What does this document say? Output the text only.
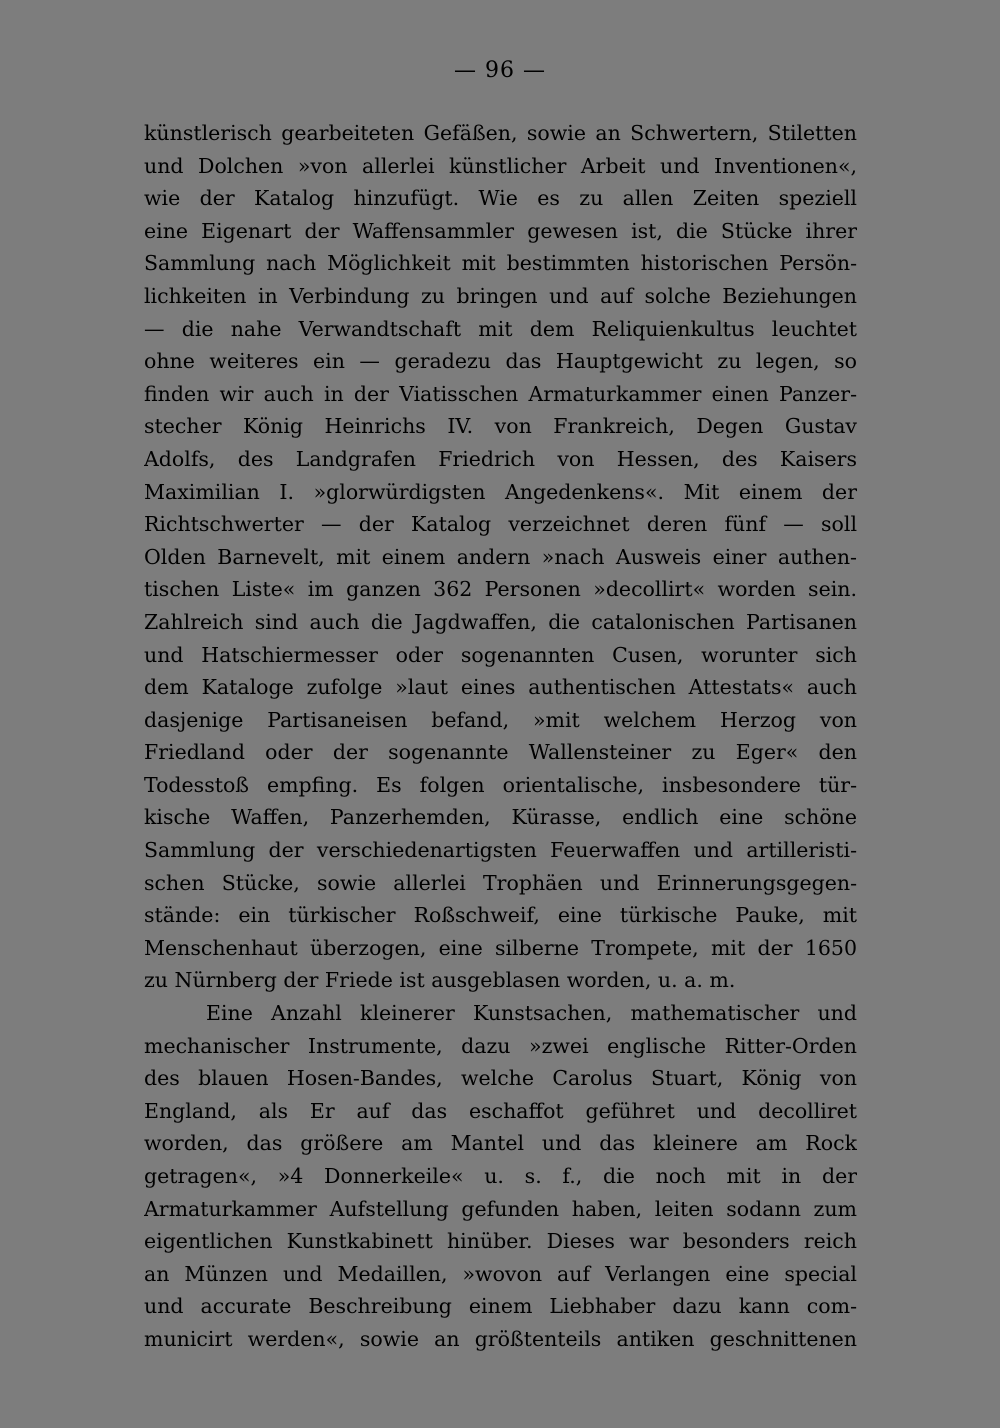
— 96 —
künstlerisch gearbeiteten Gefäßen, sowie an Schwertern, Stiletten
und Dolchen »von allerlei künstlicher Arbeit und Inventionen«,
wie der Katalog hinzufügt. Wie es zu allen Zeiten speziell
eine Eigenart der Waffensammler gewesen ist, die Stücke ihrer
Sammlung nach Möglichkeit mit bestimmten historischen Persön-
lichkeiten in Verbindung zu bringen und auf solche Beziehungen
— die nahe Verwandtschaft mit dem Reliquienkultus leuchtet
ohne weiteres ein — geradezu das Hauptgewicht zu legen, so
finden wir auch in der Viatisschen Armaturkammer einen Panzer-
stecher König Heinrichs IV. von Frankreich, Degen Gustav
Adolfs, des Landgrafen Friedrich von Hessen, des Kaisers
Maximilian I. »glorwürdigsten Angedenkens«. Mit einem der
Richtschwerter — der Katalog verzeichnet deren fünf — soll
Olden Barnevelt, mit einem andern »nach Ausweis einer authen-
tischen Liste« im ganzen 362 Personen »decollirt« worden sein.
Zahlreich sind auch die Jagdwaffen, die catalonischen Partisanen
und Hatschiermesser oder sogenannten Cusen, worunter sich
dem Kataloge zufolge »laut eines authentischen Attestats« auch
dasjenige Partisaneisen befand, »mit welchem Herzog von
Friedland oder der sogenannte Wallensteiner zu Eger« den
Todesstoß empfing. Es folgen orientalische, insbesondere tür-
kische Waffen, Panzerhemden, Kürasse, endlich eine schöne
Sammlung der verschiedenartigsten Feuerwaffen und artilleristi-
schen Stücke, sowie allerlei Trophäen und Erinnerungsgegen-
stände: ein türkischer Roßschweif, eine türkische Pauke, mit
Menschenhaut überzogen, eine silberne Trompete, mit der 1650
zu Nürnberg der Friede ist ausgeblasen worden, u. a. m.
Eine Anzahl kleinerer Kunstsachen, mathematischer und
mechanischer Instrumente, dazu »zwei englische Ritter-Orden
des blauen Hosen-Bandes, welche Carolus Stuart, König von
England, als Er auf das eschaffot geführet und decolliret
worden, das größere am Mantel und das kleinere am Rock
getragen«, »4 Donnerkeile« u. s. f., die noch mit in der
Armaturkammer Aufstellung gefunden haben, leiten sodann zum
eigentlichen Kunstkabinett hinüber. Dieses war besonders reich
an Münzen und Medaillen, »wovon auf Verlangen eine special
und accurate Beschreibung einem Liebhaber dazu kann com-
municirt werden«, sowie an größtenteils antiken geschnittenen
